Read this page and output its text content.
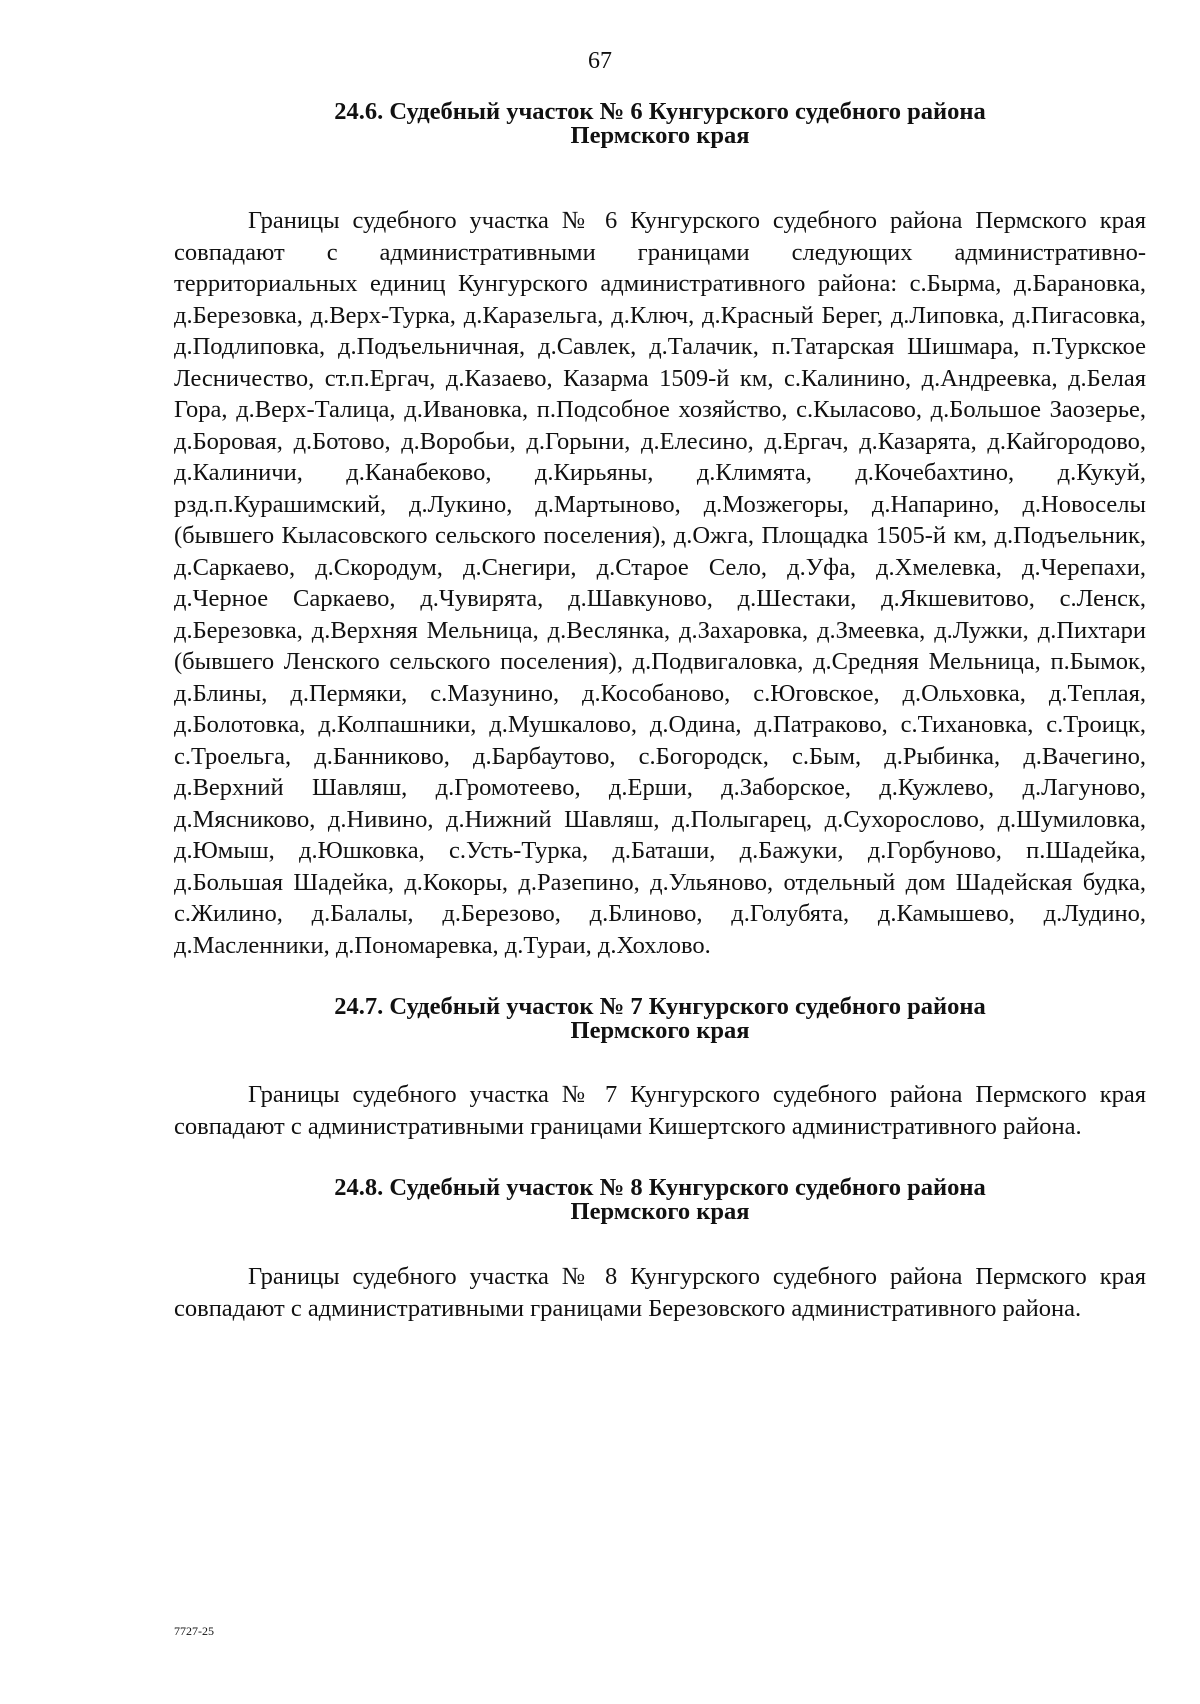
67
24.6. Судебный участок № 6 Кунгурского судебного района
Пермского края

Границы судебного участка № 6 Кунгурского судебного района Пермского края совпадают с административными границами следующих административно-территориальных единиц Кунгурского административного района: с.Бырма, д.Барановка, д.Березовка, д.Верх-Турка, д.Каразельга, д.Ключ, д.Красный Берег, д.Липовка, д.Пигасовка, д.Подлиповка, д.Подъельничная, д.Савлек, д.Талачик, п.Татарская Шишмара, п.Туркское Лесничество, ст.п.Ергач, д.Казаево, Казарма 1509-й км, с.Калинино, д.Андреевка, д.Белая Гора, д.Верх-Талица, д.Ивановка, п.Подсобное хозяйство, с.Кыласово, д.Большое Заозерье, д.Боровая, д.Ботово, д.Воробьи, д.Горыни, д.Елесино, д.Ергач, д.Казарята, д.Кайгородово, д.Калиничи, д.Канабеково, д.Кирьяны, д.Климята, д.Кочебахтино, д.Кукуй, рзд.п.Курашимский, д.Лукино, д.Мартыново, д.Мозжегоры, д.Напарино, д.Новоселы (бывшего Кыласовского сельского поселения), д.Ожга, Площадка 1505-й км, д.Подъельник, д.Саркаево, д.Скородум, д.Снегири, д.Старое Село, д.Уфа, д.Хмелевка, д.Черепахи, д.Черное Саркаево, д.Чувирята, д.Шавкуново, д.Шестаки, д.Якшевитово, с.Ленск, д.Березовка, д.Верхняя Мельница, д.Веслянка, д.Захаровка, д.Змеевка, д.Лужки, д.Пихтари (бывшего Ленского сельского поселения), д.Подвигаловка, д.Средняя Мельница, п.Бымок, д.Блины, д.Пермяки, с.Мазунино, д.Кособаново, с.Юговское, д.Ольховка, д.Теплая, д.Болотовка, д.Колпашники, д.Мушкалово, д.Одина, д.Патраково, с.Тихановка, с.Троицк, с.Троельга, д.Банниково, д.Барбаутово, с.Богородск, с.Бым, д.Рыбинка, д.Вачегино, д.Верхний Шавляш, д.Громотеево, д.Ерши, д.Заборское, д.Кужлево, д.Лагуново, д.Мясниково, д.Нивино, д.Нижний Шавляш, д.Полыгарец, д.Сухорослово, д.Шумиловка, д.Юмыш, д.Юшковка, с.Усть-Турка, д.Баташи, д.Бажуки, д.Горбуново, п.Шадейка, д.Большая Шадейка, д.Кокоры, д.Разепино, д.Ульяново, отдельный дом Шадейская будка, с.Жилино, д.Балалы, д.Березово, д.Блиново, д.Голубята, д.Камышево, д.Лудино, д.Масленники, д.Пономаревка, д.Тураи, д.Хохлово.

24.7. Судебный участок № 7 Кунгурского судебного района
Пермского края

Границы судебного участка № 7 Кунгурского судебного района Пермского края совпадают с административными границами Кишертского административного района.

24.8. Судебный участок № 8 Кунгурского судебного района
Пермского края

Границы судебного участка № 8 Кунгурского судебного района Пермского края совпадают с административными границами Березовского административного района.

7727-25
